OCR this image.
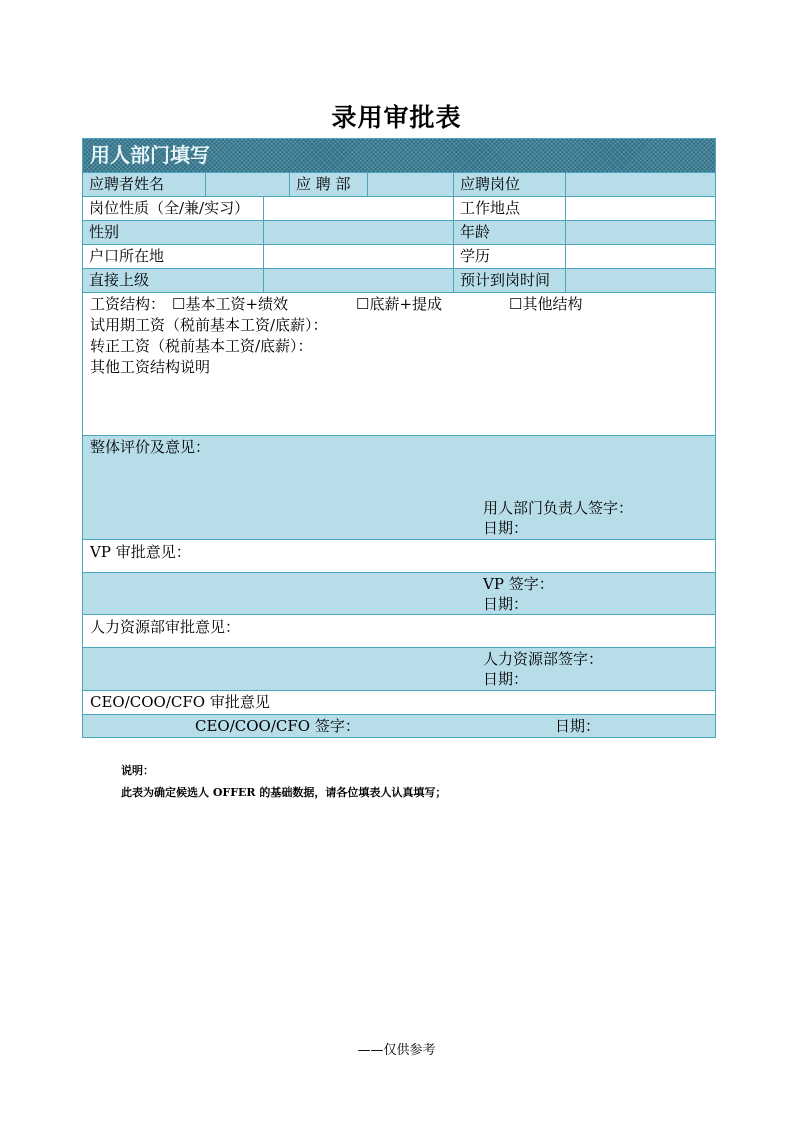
录用审批表
用人部门填写
应聘者姓名	应 聘 部	应聘岗位
岗位性质（全/兼/实习）	工作地点
性别	年龄
户口所在地	学历
直接上级	预计到岗时间
工资结构： ☐基本工资+绩效	☐底薪+提成	☐其他结构
试用期工资（税前基本工资/底薪）：
转正工资（税前基本工资/底薪）：
其他工资结构说明
整体评价及意见：
用人部门负责人签字：
日期：
VP 审批意见：
VP 签字：
日期：
人力资源部审批意见：
人力资源部签字：
日期：
CEO/COO/CFO 审批意见
CEO/COO/CFO 签字：	日期：
说明：
此表为确定候选人 OFFER 的基础数据，请各位填表人认真填写；
——仅供参考
